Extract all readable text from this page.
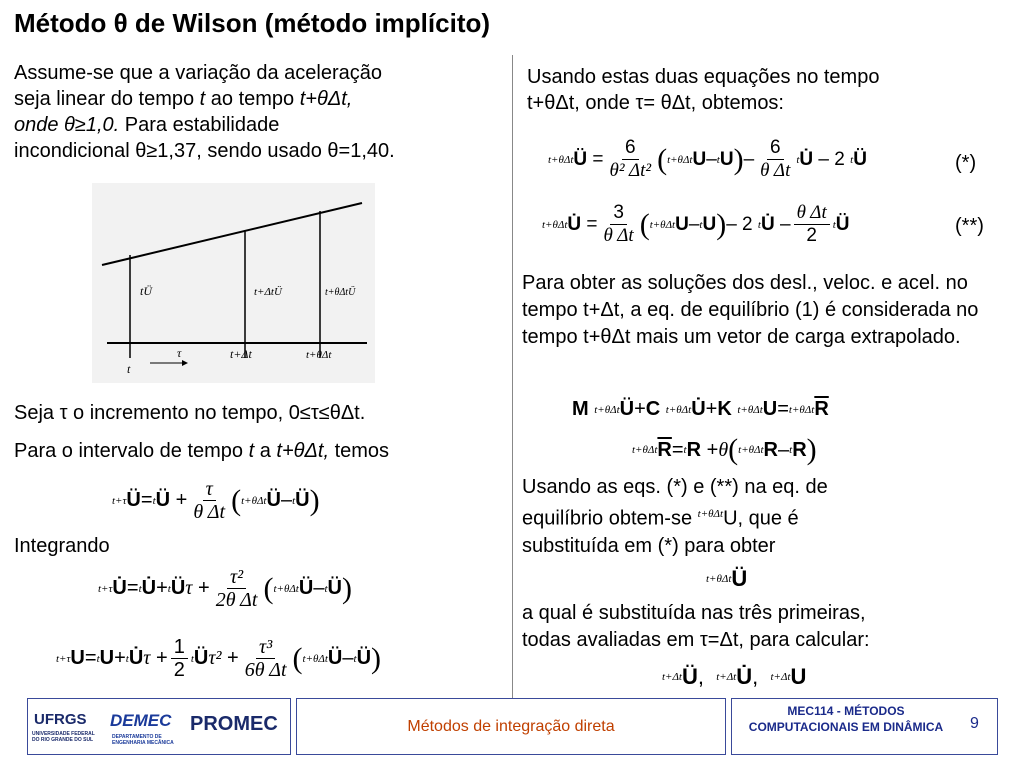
Método θ de Wilson (método implícito)
Assume-se que a variação da aceleração
seja linear do tempo t ao tempo t+θΔt,
onde θ≥1,0. Para estabilidade
incondicional θ≥1,37, sendo usado θ=1,40.
tÜ	t+ΔtÜ	t+θΔtÜ
t
τ	t+Δt	t+θΔt
Seja τ o incremento no tempo, 0≤τ≤θΔt.
Para o intervalo de tempo t a t+θΔt, temos
t+τ Ü = t Ü + $\frac{\tau}{\text{θ Δt}}$ ( t+θΔt Ü – t Ü )
Integrando
t+τ U̇ = t U̇ + t Ü $\tau + \frac{\text{τ²}}{\text{2θ Δt}}$ ( t+θΔt Ü – t Ü )
t+τ U = t U + t U̇ $\tau + \frac{1}{2}$ t Ü $\tau^2 + \frac{\text{τ³}}{\text{6θ Δt}}$ ( t+θΔt Ü – t Ü )
Usando estas duas equações no tempo
t+θΔt, onde τ= θΔt, obtemos:
t+θΔt Ü = $\frac{6}{\text{θ² Δt²}}$ ( t+θΔt U – t U ) – $\frac{6}{\text{θ Δt}}$ t U̇ – 2 t Ü	(*)
t+θΔt U̇ = $\frac{3}{\text{θ Δt}}$ ( t+θΔt U – t U ) – 2 t U̇ – $\frac{\text{θ Δt}}{2}$ t Ü	(**)
Para obter as soluções dos desl., veloc. e acel. no tempo t+Δt, a eq. de equilíbrio (1) é considerada no tempo t+θΔt mais um vetor de carga extrapolado.
M
t+θΔt Ü + C
t+θΔt U̇ + K
t+θΔt U = t+θΔt $\overline{R}$
t+θΔt $\overline{R} = t$ R + θ ( t+θΔt R – t R )
Usando as eqs. (*) e (**) na eq. de
equilíbrio obtem-se $^{t+\theta\Delta t}$U, que é
substituída em (*) para obter
t+θΔt Ü
a qual é substituída nas três primeiras,
todas avaliadas em τ=Δt, para calcular:
t+Δt Ü , t+Δt U̇ , t+Δt U
UFRGS
UNIVERSIDADE FEDERAL DO RIO GRANDE DO SUL
DEMEC
DEPARTAMENTO DE ENGENHARIA MECÂNICA
PROMEC	Métodos de integração direta
MEC114 - MÉTODOS COMPUTACIONAIS EM DINÂMICA 9
